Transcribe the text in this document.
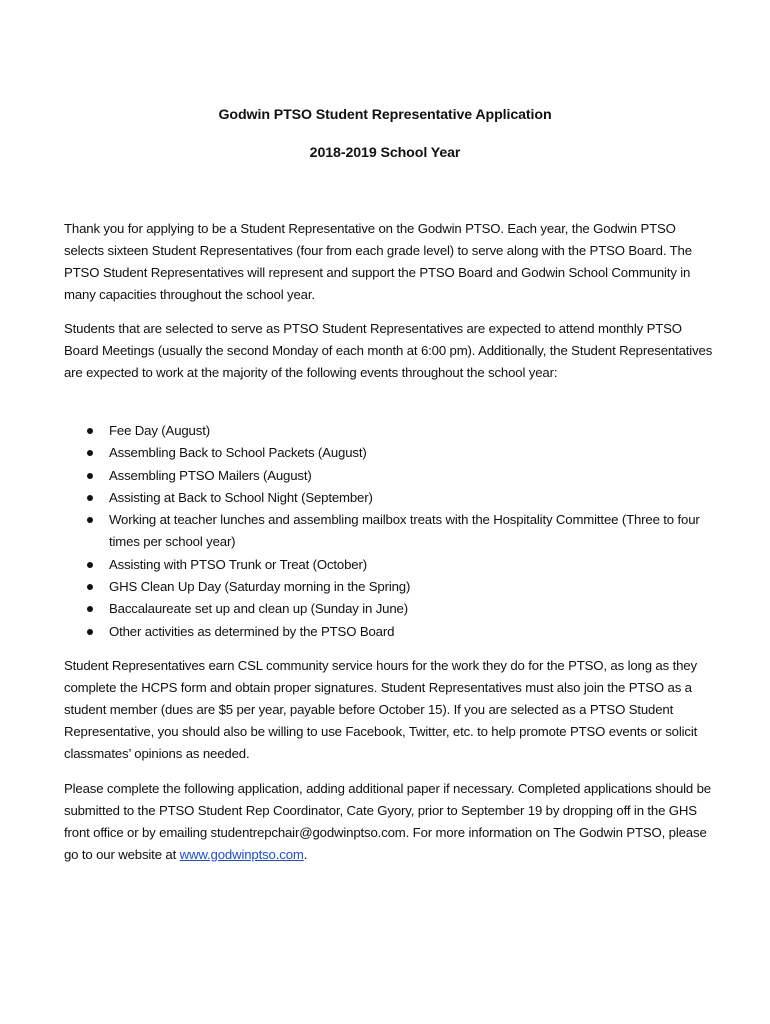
Godwin PTSO Student Representative Application
2018-2019 School Year

Thank you for applying to be a Student Representative on the Godwin PTSO. Each year, the Godwin PTSO selects sixteen Student Representatives (four from each grade level) to serve along with the PTSO Board. The PTSO Student Representatives will represent and support the PTSO Board and Godwin School Community in many capacities throughout the school year.

Students that are selected to serve as PTSO Student Representatives are expected to attend monthly PTSO Board Meetings (usually the second Monday of each month at 6:00 pm). Additionally, the Student Representatives are expected to work at the majority of the following events throughout the school year:

Fee Day (August)
Assembling Back to School Packets (August)
Assembling PTSO Mailers (August)
Assisting at Back to School Night (September)
Working at teacher lunches and assembling mailbox treats with the Hospitality Committee (Three to four times per school year)
Assisting with PTSO Trunk or Treat (October)
GHS Clean Up Day (Saturday morning in the Spring)
Baccalaureate set up and clean up (Sunday in June)
Other activities as determined by the PTSO Board

Student Representatives earn CSL community service hours for the work they do for the PTSO, as long as they complete the HCPS form and obtain proper signatures. Student Representatives must also join the PTSO as a student member (dues are $5 per year, payable before October 15). If you are selected as a PTSO Student Representative, you should also be willing to use Facebook, Twitter, etc. to help promote PTSO events or solicit classmates’ opinions as needed.

Please complete the following application, adding additional paper if necessary. Completed applications should be submitted to the PTSO Student Rep Coordinator, Cate Gyory, prior to September 19 by dropping off in the GHS front office or by emailing studentrepchair@godwinptso.com. For more information on The Godwin PTSO, please go to our website at www.godwinptso.com.
